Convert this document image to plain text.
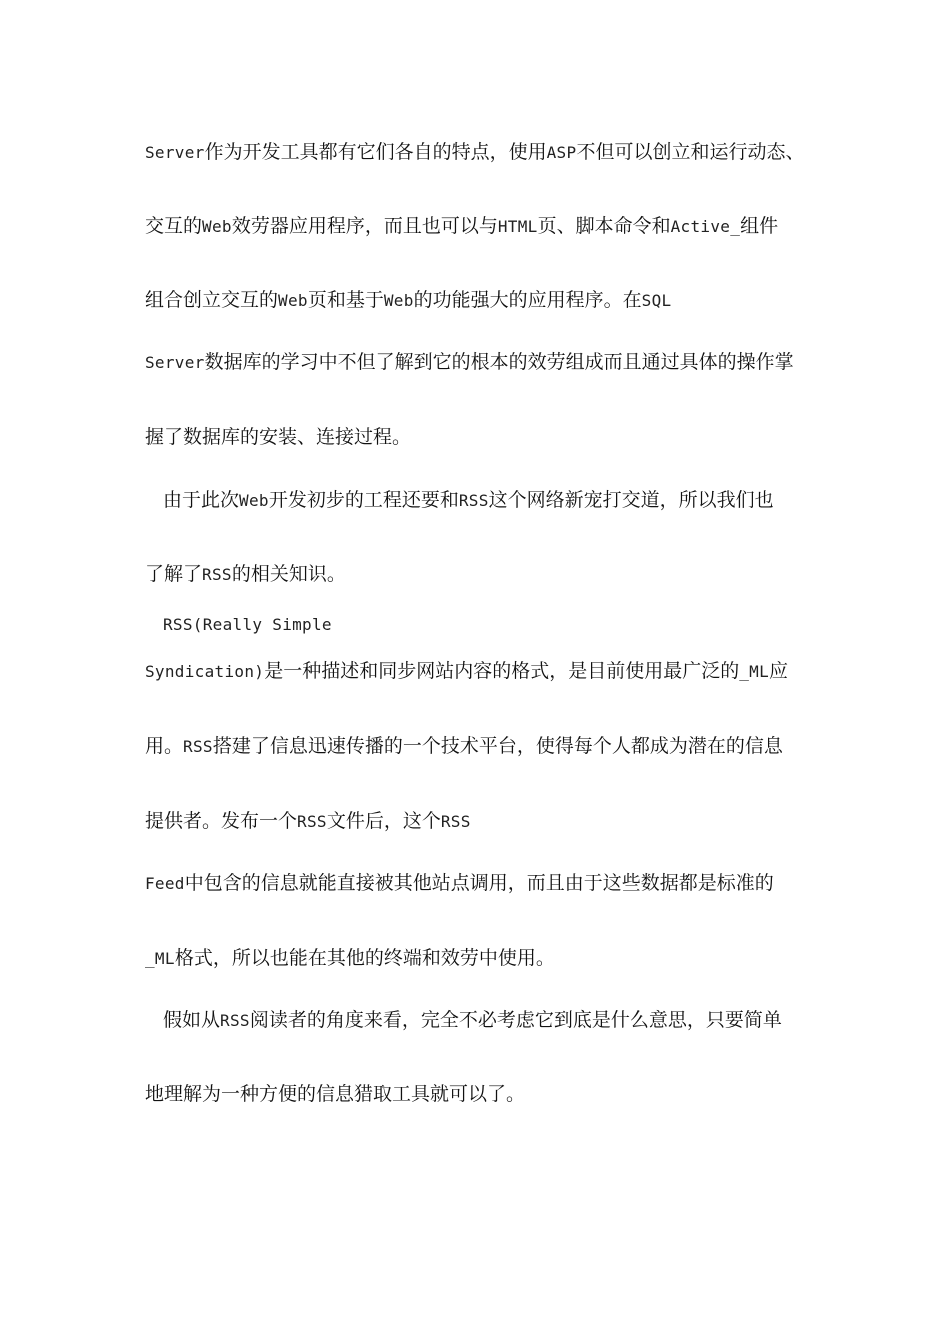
Server作为开发工具都有它们各自的特点，使用ASP不但可以创立和运行动态、
交互的Web效劳器应用程序，而且也可以与HTML页、脚本命令和Active_组件
组合创立交互的Web页和基于Web的功能强大的应用程序。在SQL
Server数据库的学习中不但了解到它的根本的效劳组成而且通过具体的操作掌
握了数据库的安装、连接过程。
由于此次Web开发初步的工程还要和RSS这个网络新宠打交道，所以我们也
了解了RSS的相关知识。
RSS(Really Simple
Syndication)是一种描述和同步网站内容的格式，是目前使用最广泛的_ML应
用。RSS搭建了信息迅速传播的一个技术平台，使得每个人都成为潜在的信息
提供者。发布一个RSS文件后，这个RSS
Feed中包含的信息就能直接被其他站点调用，而且由于这些数据都是标准的
_ML格式，所以也能在其他的终端和效劳中使用。
假如从RSS阅读者的角度来看，完全不必考虑它到底是什么意思，只要简单
地理解为一种方便的信息猎取工具就可以了。
